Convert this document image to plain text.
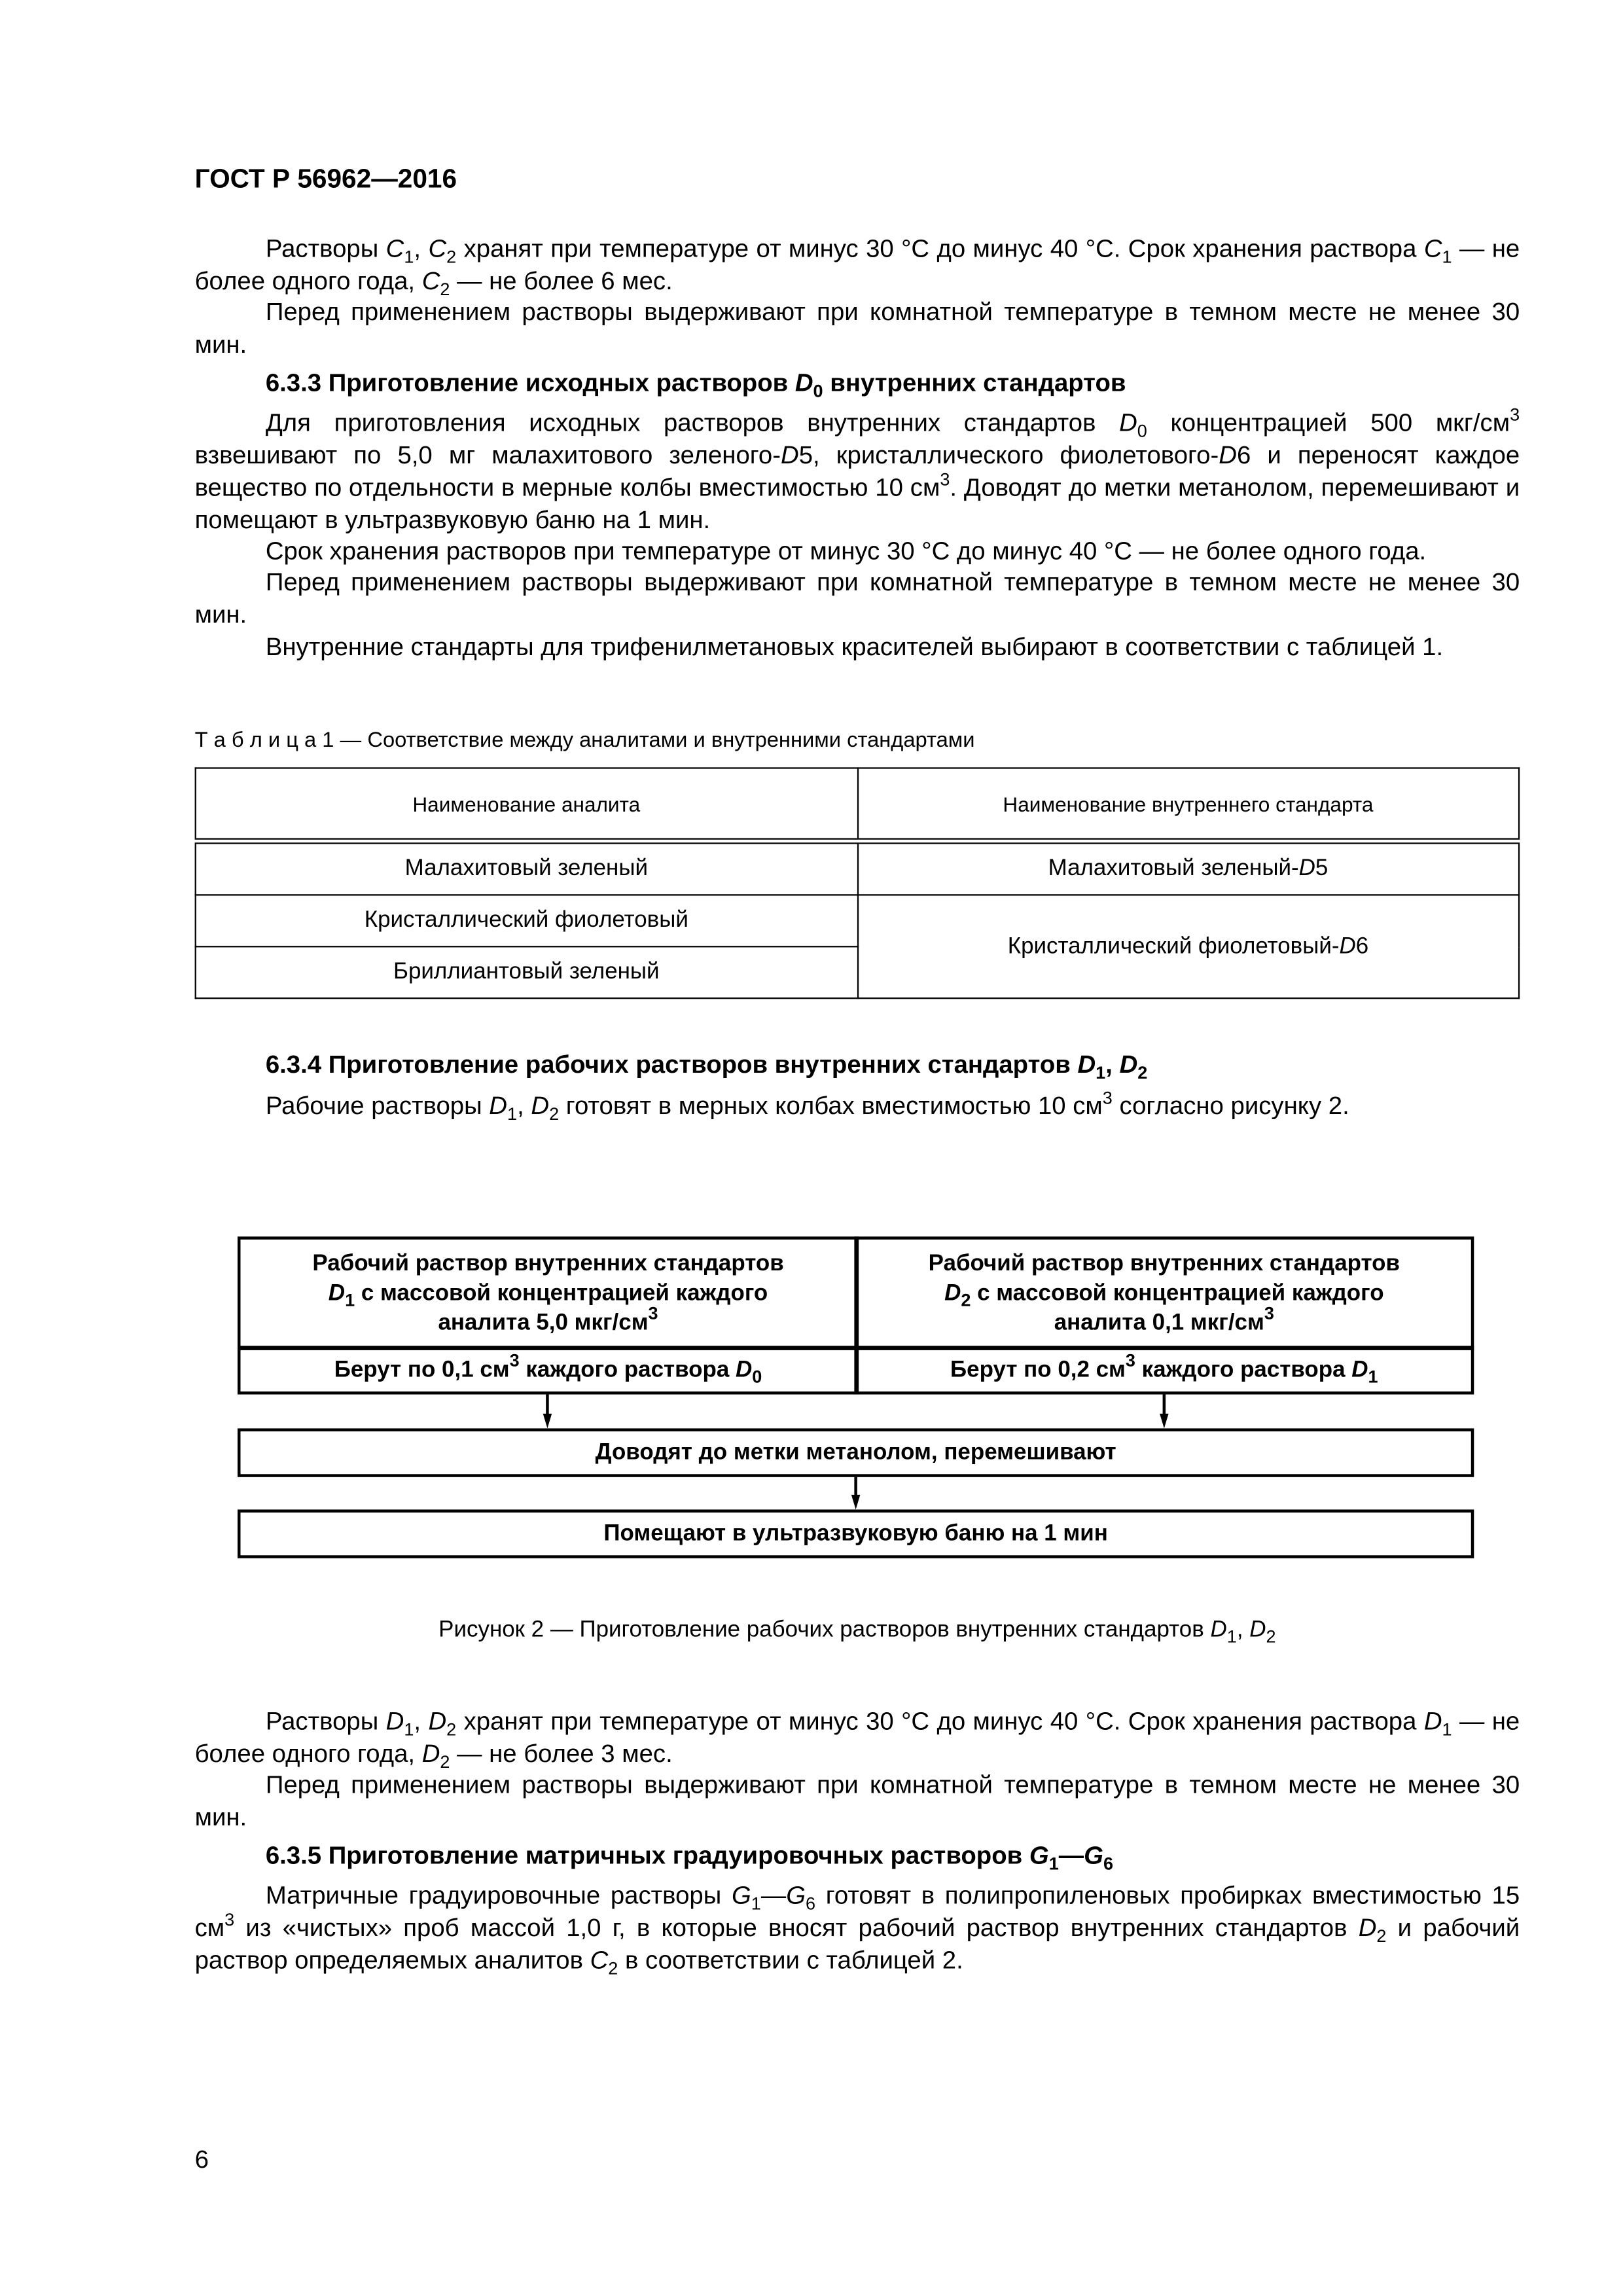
ГОСТ Р 56962—2016
Растворы $C_1$, $C_2$ хранят при температуре от минус 30 °C до минус 40 °C. Срок хранения раствора $C_1$ — не более одного года, $C_2$ — не более 6 мес.
Перед применением растворы выдерживают при комнатной температуре в темном месте не менее 30 мин.
6.3.3 Приготовление исходных растворов $D_0$ внутренних стандартов
Для приготовления исходных растворов внутренних стандартов $D_0$ концентрацией 500 мкг/$см^3$ взвешивают по 5,0 мг малахитового зеленого-D5, кристаллического фиолетового-D6 и переносят каждое вещество по отдельности в мерные колбы вместимостью 10 $см^3$. Доводят до метки метанолом, перемешивают и помещают в ультразвуковую баню на 1 мин.
Срок хранения растворов при температуре от минус 30 °C до минус 40 °C — не более одного года.
Перед применением растворы выдерживают при комнатной температуре в темном месте не менее 30 мин.
Внутренние стандарты для трифенилметановых красителей выбирают в соответствии с таблицей 1.
Т а б л и ц а 1 — Соответствие между аналитами и внутренними стандартами
Наименование аналита	Наименование внутреннего стандарта
Малахитовый зеленый	Малахитовый зеленый-D5
Кристаллический фиолетовый	Кристаллический фиолетовый-D6
Бриллиантовый зеленый	
6.3.4 Приготовление рабочих растворов внутренних стандартов $D_1$, $D_2$
Рабочие растворы $D_1$, $D_2$ готовят в мерных колбах вместимостью 10 $см^3$ согласно рисунку 2.
Рабочий раствор внутренних стандартов
$D_1$ с массовой концентрацией каждого
аналита 5,0 мкг/$см^3$
Рабочий раствор внутренних стандартов
$D_2$ с массовой концентрацией каждого
аналита 0,1 мкг/$см^3$
Берут по 0,1 $см^3$ каждого раствора $D_0$	Берут по 0,2 $см^3$ каждого раствора $D_1$
Доводят до метки метанолом, перемешивают
Помещают в ультразвуковую баню на 1 мин
Рисунок 2 — Приготовление рабочих растворов внутренних стандартов $D_1$, $D_2$
Растворы $D_1$, $D_2$ хранят при температуре от минус 30 °C до минус 40 °C. Срок хранения раствора $D_1$ — не более одного года, $D_2$ — не более 3 мес.
Перед применением растворы выдерживают при комнатной температуре в темном месте не менее 30 мин.
6.3.5 Приготовление матричных градуировочных растворов $G_1—G_6$
Матричные градуировочные растворы $G_1—G_6$ готовят в полипропиленовых пробирках вместимостью 15 $см^3$ из «чистых» проб массой 1,0 г, в которые вносят рабочий раствор внутренних стандартов $D_2$ и рабочий раствор определяемых аналитов $C_2$ в соответствии с таблицей 2.
6
